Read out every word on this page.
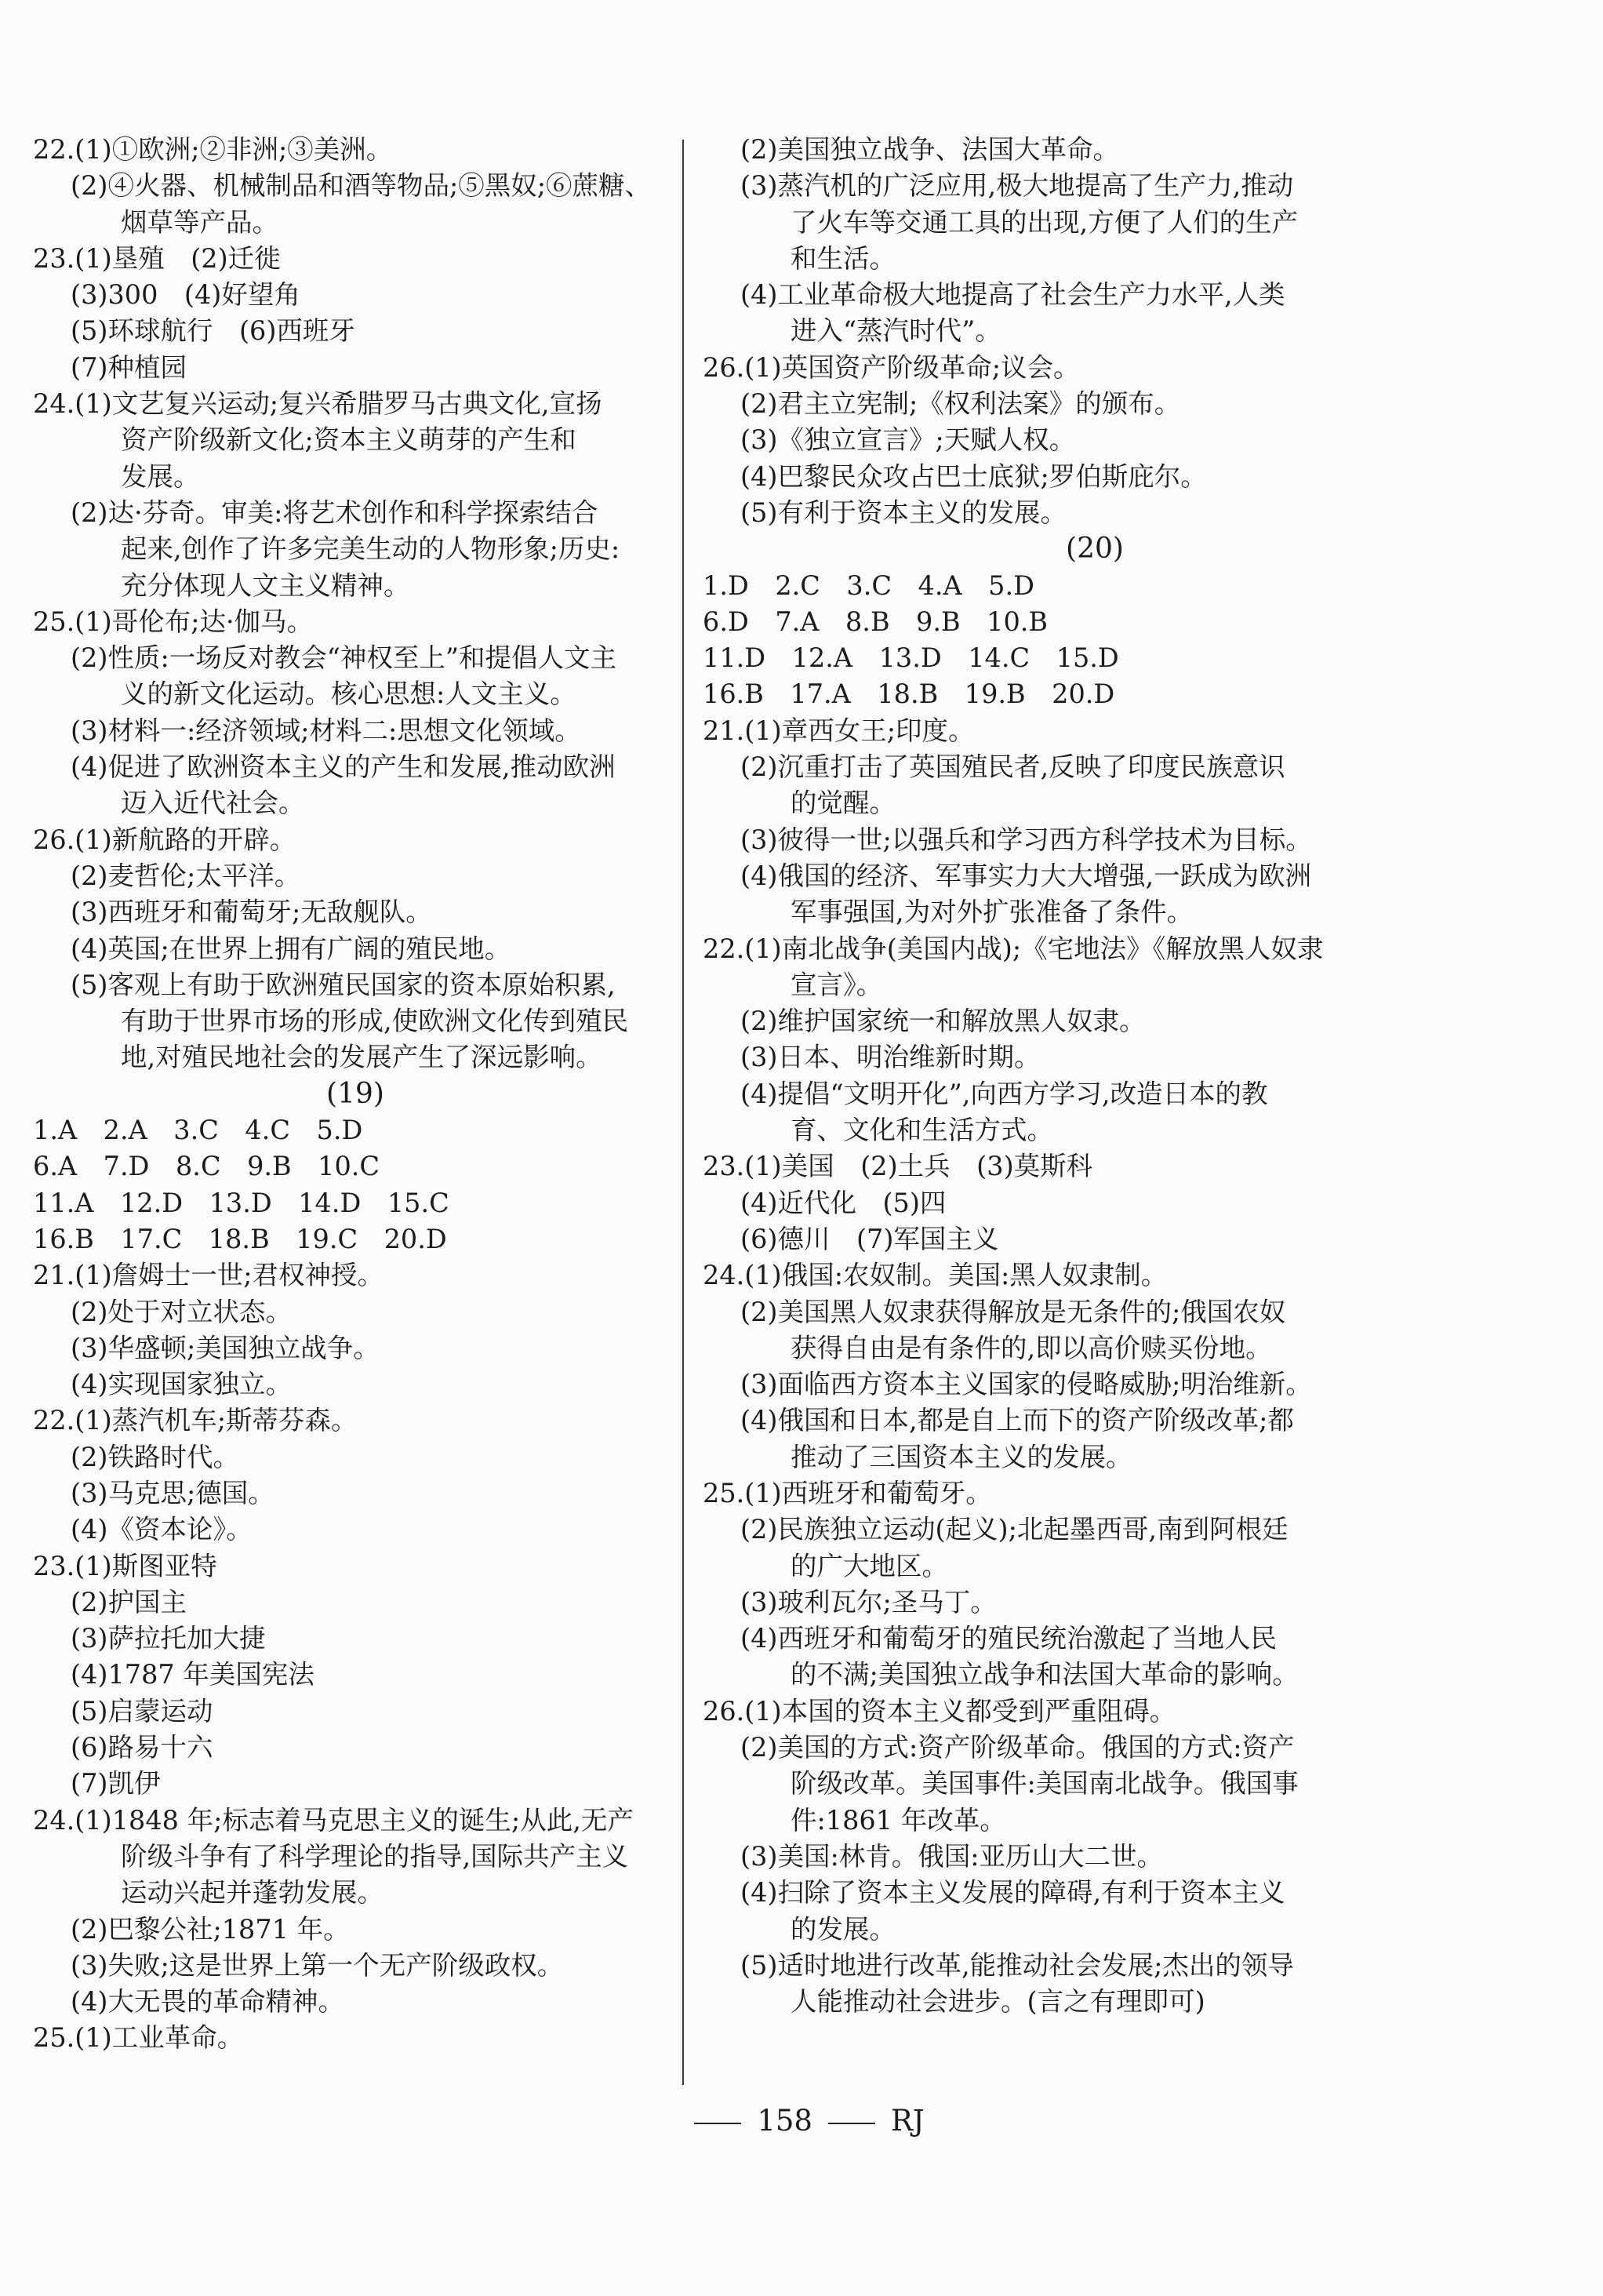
22.(1)①欧洲;②非洲;③美洲。
(2)④火器、机械制品和酒等物品;⑤黑奴;⑥蔗糖、
烟草等产品。
23.(1)垦殖　(2)迁徙
(3)300　(4)好望角
(5)环球航行　(6)西班牙
(7)种植园
24.(1)文艺复兴运动;复兴希腊罗马古典文化,宣扬
资产阶级新文化;资本主义萌芽的产生和
发展。
(2)达·芬奇。审美:将艺术创作和科学探索结合
起来,创作了许多完美生动的人物形象;历史:
充分体现人文主义精神。
25.(1)哥伦布;达·伽马。
(2)性质:一场反对教会“神权至上”和提倡人文主
义的新文化运动。核心思想:人文主义。
(3)材料一:经济领域;材料二:思想文化领域。
(4)促进了欧洲资本主义的产生和发展,推动欧洲
迈入近代社会。
26.(1)新航路的开辟。
(2)麦哲伦;太平洋。
(3)西班牙和葡萄牙;无敌舰队。
(4)英国;在世界上拥有广阔的殖民地。
(5)客观上有助于欧洲殖民国家的资本原始积累,
有助于世界市场的形成,使欧洲文化传到殖民
地,对殖民地社会的发展产生了深远影响。
(19)
1.A　2.A　3.C　4.C　5.D
6.A　7.D　8.C　9.B　10.C
11.A　12.D　13.D　14.D　15.C
16.B　17.C　18.B　19.C　20.D
21.(1)詹姆士一世;君权神授。
(2)处于对立状态。
(3)华盛顿;美国独立战争。
(4)实现国家独立。
22.(1)蒸汽机车;斯蒂芬森。
(2)铁路时代。
(3)马克思;德国。
(4)《资本论》。
23.(1)斯图亚特
(2)护国主
(3)萨拉托加大捷
(4)1787 年美国宪法
(5)启蒙运动
(6)路易十六
(7)凯伊
24.(1)1848 年;标志着马克思主义的诞生;从此,无产
阶级斗争有了科学理论的指导,国际共产主义
运动兴起并蓬勃发展。
(2)巴黎公社;1871 年。
(3)失败;这是世界上第一个无产阶级政权。
(4)大无畏的革命精神。
25.(1)工业革命。
(2)美国独立战争、法国大革命。
(3)蒸汽机的广泛应用,极大地提高了生产力,推动
了火车等交通工具的出现,方便了人们的生产
和生活。
(4)工业革命极大地提高了社会生产力水平,人类
进入“蒸汽时代”。
26.(1)英国资产阶级革命;议会。
(2)君主立宪制;《权利法案》的颁布。
(3)《独立宣言》;天赋人权。
(4)巴黎民众攻占巴士底狱;罗伯斯庇尔。
(5)有利于资本主义的发展。
(20)
1.D　2.C　3.C　4.A　5.D
6.D　7.A　8.B　9.B　10.B
11.D　12.A　13.D　14.C　15.D
16.B　17.A　18.B　19.B　20.D
21.(1)章西女王;印度。
(2)沉重打击了英国殖民者,反映了印度民族意识
的觉醒。
(3)彼得一世;以强兵和学习西方科学技术为目标。
(4)俄国的经济、军事实力大大增强,一跃成为欧洲
军事强国,为对外扩张准备了条件。
22.(1)南北战争(美国内战);《宅地法》《解放黑人奴隶
宣言》。
(2)维护国家统一和解放黑人奴隶。
(3)日本、明治维新时期。
(4)提倡“文明开化”,向西方学习,改造日本的教
育、文化和生活方式。
23.(1)美国　(2)土兵　(3)莫斯科
(4)近代化　(5)四
(6)德川　(7)军国主义
24.(1)俄国:农奴制。美国:黑人奴隶制。
(2)美国黑人奴隶获得解放是无条件的;俄国农奴
获得自由是有条件的,即以高价赎买份地。
(3)面临西方资本主义国家的侵略威胁;明治维新。
(4)俄国和日本,都是自上而下的资产阶级改革;都
推动了三国资本主义的发展。
25.(1)西班牙和葡萄牙。
(2)民族独立运动(起义);北起墨西哥,南到阿根廷
的广大地区。
(3)玻利瓦尔;圣马丁。
(4)西班牙和葡萄牙的殖民统治激起了当地人民
的不满;美国独立战争和法国大革命的影响。
26.(1)本国的资本主义都受到严重阻碍。
(2)美国的方式:资产阶级革命。俄国的方式:资产
阶级改革。美国事件:美国南北战争。俄国事
件:1861 年改革。
(3)美国:林肯。俄国:亚历山大二世。
(4)扫除了资本主义发展的障碍,有利于资本主义
的发展。
(5)适时地进行改革,能推动社会发展;杰出的领导
人能推动社会进步。(言之有理即可)
158	RJ
